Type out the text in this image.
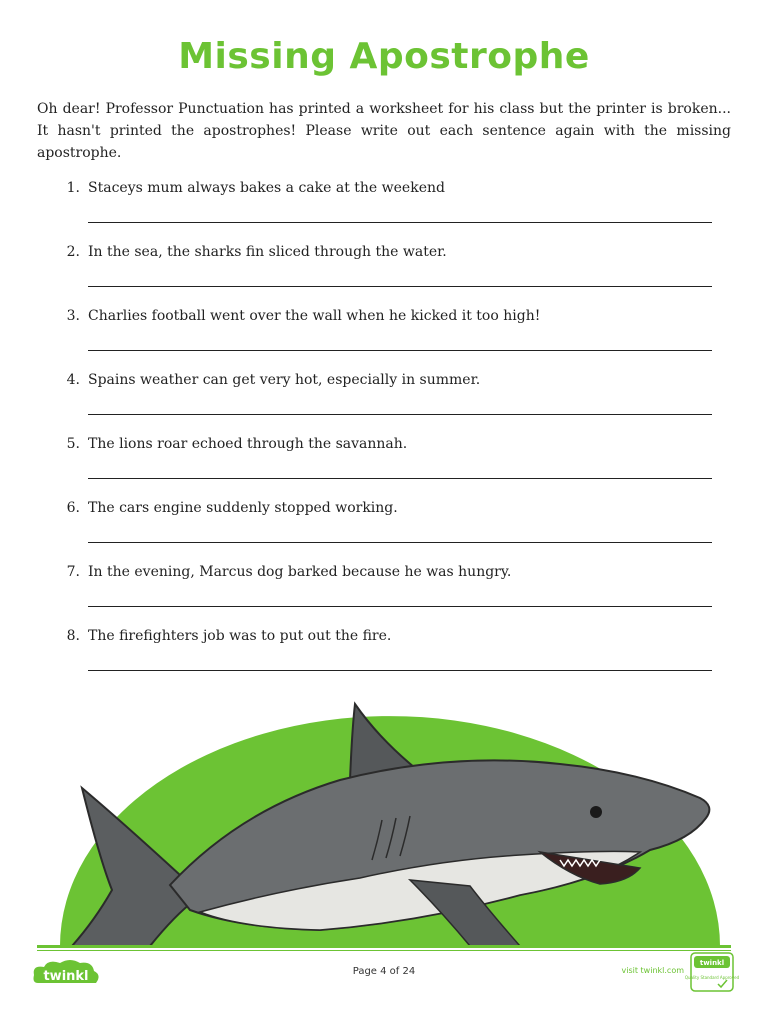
Missing Apostrophe
Oh dear! Professor Punctuation has printed a worksheet for his class but the printer is broken... It hasn't printed the apostrophes! Please write out each sentence again with the missing apostrophe.
1. Staceys mum always bakes a cake at the weekend
2. In the sea, the sharks fin sliced through the water.
3. Charlies football went over the wall when he kicked it too high!
4. Spains weather can get very hot, especially in summer.
5. The lions roar echoed through the savannah.
6. The cars engine suddenly stopped working.
7. In the evening, Marcus dog barked because he was hungry.
8. The firefighters job was to put out the fire.
twinkl	Page 4 of 24	visit twinkl.com
twinkl
Quality Standard Approved
